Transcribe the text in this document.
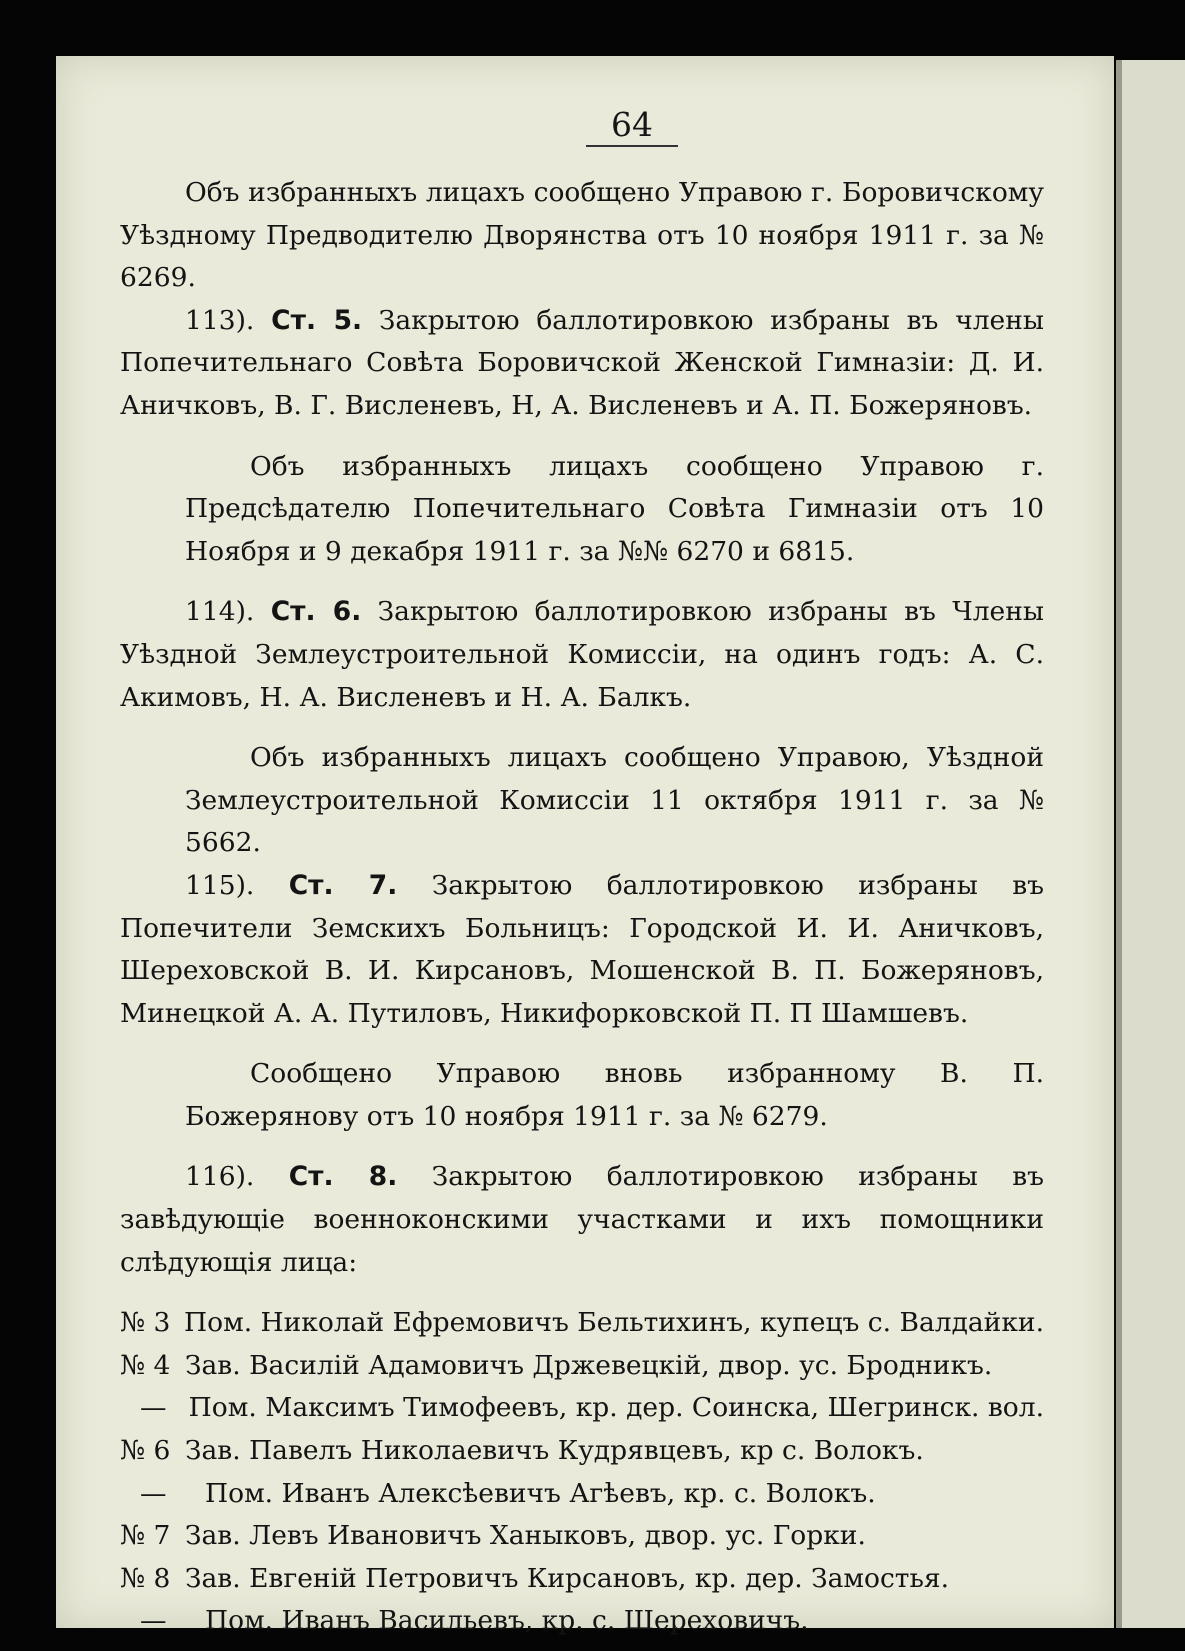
64

Объ избранныхъ лицахъ сообщено Управою г. Боровичскому Уѣздному Предводителю Дворянства отъ 10 ноября 1911 г. за № 6269.

113). Ст. 5. Закрытою баллотировкою избраны въ члены Попечительнаго Совѣта Боровичской Женской Гимназіи: Д. И. Аничковъ, В. Г. Висленевъ, Н, А. Висленевъ и А. П. Божеряновъ.

Объ избранныхъ лицахъ сообщено Управою г. Предсѣдателю Попечительнаго Совѣта Гимназіи отъ 10 Ноября и 9 декабря 1911 г. за №№ 6270 и 6815.

114). Ст. 6. Закрытою баллотировкою избраны въ Члены Уѣздной Землеустроительной Комиссіи, на одинъ годъ: А. С. Акимовъ, Н. А. Висленевъ и Н. А. Балкъ.

Объ избранныхъ лицахъ сообщено Управою, Уѣздной Землеустроительной Комиссіи 11 октября 1911 г. за № 5662.

115). Ст. 7. Закрытою баллотировкою избраны въ Попечители Земскихъ Больницъ: Городской И. И. Аничковъ, Шереховской В. И. Кирсановъ, Мошенской В. П. Божеряновъ, Минецкой А. А. Путиловъ, Никифорковской П. П Шамшевъ.

Сообщено Управою вновь избранному В. П. Божерянову отъ 10 ноября 1911 г. за № 6279.

116). Ст. 8. Закрытою баллотировкою избраны въ завѣдующіе военноконскими участками и ихъ помощники слѣдующія лица:

№ 3 Пом. Николай Ефремовичъ Бельтихинъ, купецъ с. Валдайки.
№ 4 Зав. Василій Адамовичъ Држевецкій, двор. ус. Бродникъ.
— Пом. Максимъ Тимофеевъ, кр. дер. Соинска, Шегринск. вол.
№ 6 Зав. Павелъ Николаевичъ Кудрявцевъ, кр с. Волокъ.
—	Пом. Иванъ Алексѣевичъ Агѣевъ, кр. с. Волокъ.
№ 7 Зав. Левъ Ивановичъ Ханыковъ, двор. ус. Горки.
№ 8 Зав. Евгеній Петровичъ Кирсановъ, кр. дер. Замостья.
—	Пом. Иванъ Васильевъ, кр. с. Шереховичъ.
